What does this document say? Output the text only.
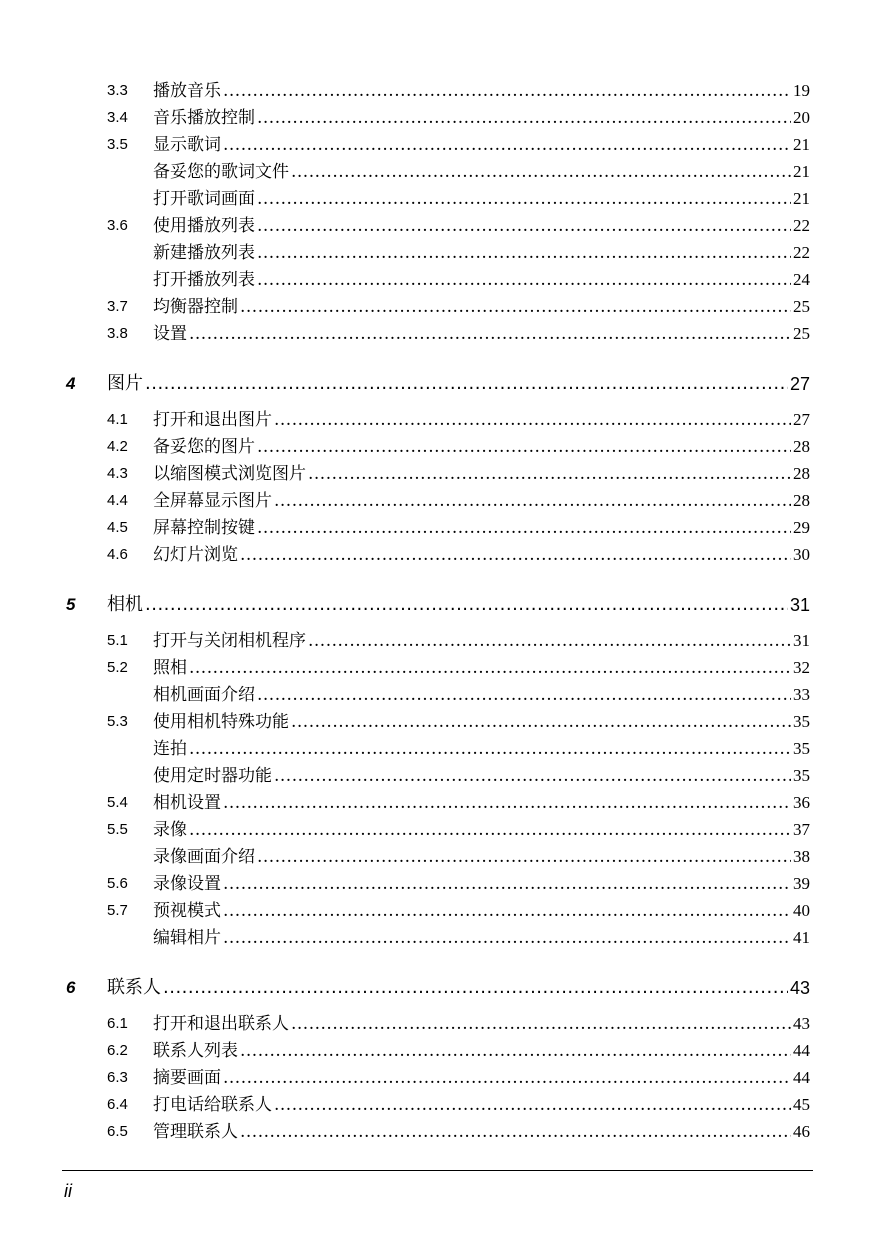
3.3 播放音乐 .....	19
3.4 音乐播放控制 .....	20
3.5 显示歌词 .....	21
备妥您的歌词文件 .....	21
打开歌词画面 .....	21
3.6 使用播放列表 .....	22
新建播放列表 .....	22
打开播放列表 .....	24
3.7 均衡器控制 .....	25
3.8 设置 .....	25
4 图片 .....	27
4.1 打开和退出图片 .....	27
4.2 备妥您的图片 .....	28
4.3 以缩图模式浏览图片 .....	28
4.4 全屏幕显示图片 .....	28
4.5 屏幕控制按键 .....	29
4.6 幻灯片浏览 .....	30
5 相机 .....	31
5.1 打开与关闭相机程序 .....	31
5.2 照相 .....	32
相机画面介绍 .....	33
5.3 使用相机特殊功能 .....	35
连拍 .....	35
使用定时器功能 .....	35
5.4 相机设置 .....	36
5.5 录像 .....	37
录像画面介绍 .....	38
5.6 录像设置 .....	39
5.7 预视模式 .....	40
编辑相片 .....	41
6 联系人 .....	43
6.1 打开和退出联系人 .....	43
6.2 联系人列表 .....	44
6.3 摘要画面 .....	44
6.4 打电话给联系人 .....	45
6.5 管理联系人 .....	46
ii
